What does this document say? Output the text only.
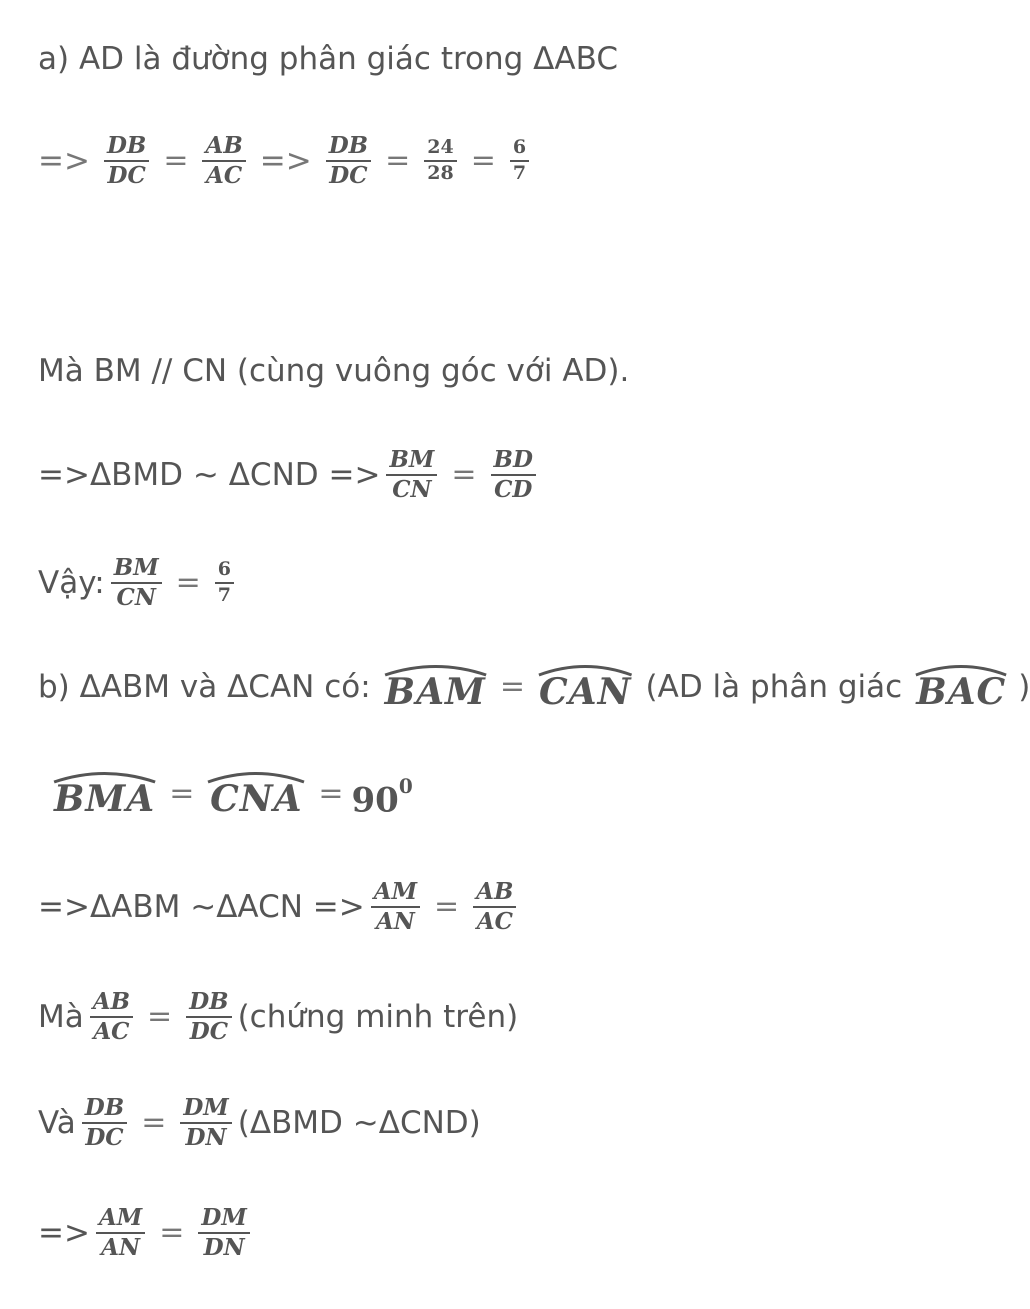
a) AD là đường phân giác trong ΔABC
=> $\frac{DB}{DC} = \frac{AB}{AC} => \frac{DB}{DC} = \frac{24}{28} = \frac{6}{7}$
Mà BM // CN (cùng vuông góc với AD).
=>ΔBMD ~ $\Delta CND => \frac{BM}{CN} = \frac{BD}{CD}$
Vậy: $\frac{BM}{CN} = \frac{6}{7}$
b) ΔABM và ΔCAN có: BAM = CAN (AD là phân giác BAC )
BMA = CNA = $90^0$
=>ΔABM ~ΔACN => $\frac{AM}{AN} = \frac{AB}{AC}$
Mà $\frac{AB}{AC} = \frac{DB}{DC}$ (chứng minh trên)
Và $\frac{DB}{DC} = \frac{DM}{DN} (\Delta BMD$ ~ΔCND)
=> $\frac{AM}{AN} = \frac{DM}{DN}$
